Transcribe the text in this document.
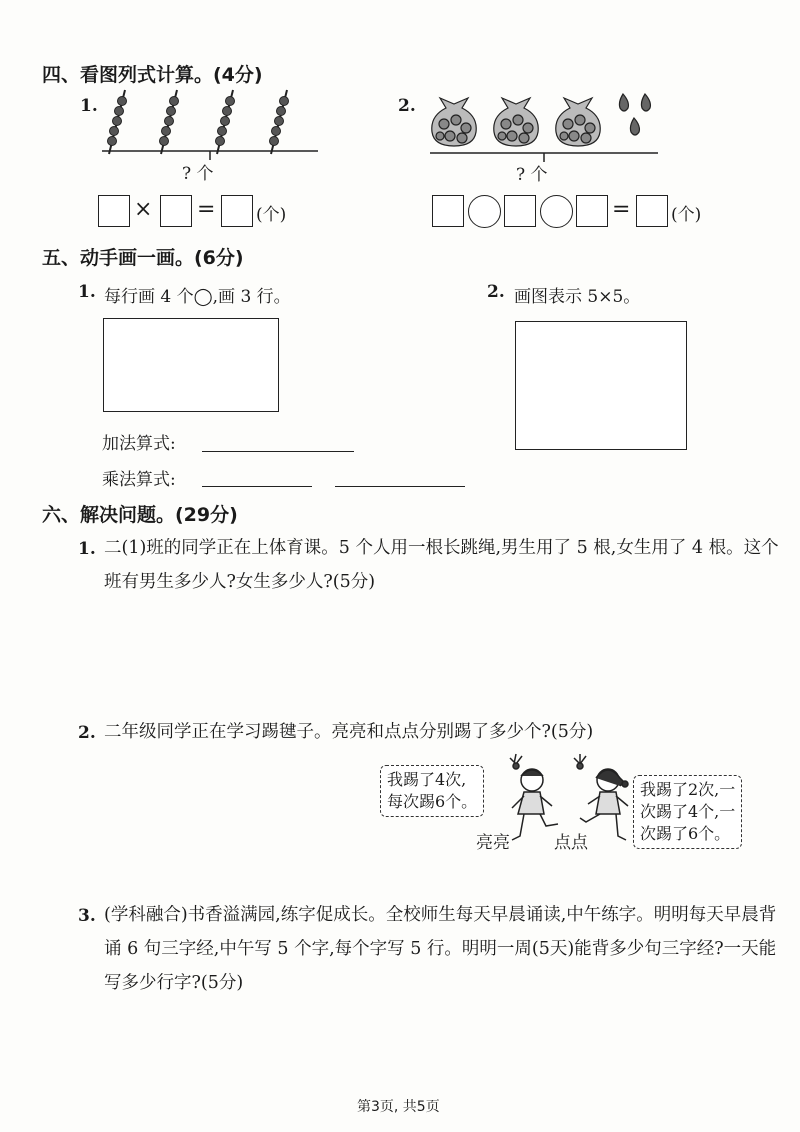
四、看图列式计算。(4分)
1.
? 个
× = (个)
2.
? 个
= (个)
五、动手画一画。(6分)
1. 每行画 4 个◯,画 3 行。
加法算式:
乘法算式:
2. 画图表示 5×5。
六、解决问题。(29分)
1. 二(1)班的同学正在上体育课。5 个人用一根长跳绳,男生用了 5 根,女生用了 4 根。这个班有男生多少人?女生多少人?(5分)
2. 二年级同学正在学习踢毽子。亮亮和点点分别踢了多少个?(5分)
我踢了4次,
每次踢6个。
我踢了2次,一
次踢了4个,一
次踢了6个。
亮亮	点点
3. (学科融合)书香溢满园,练字促成长。全校师生每天早晨诵读,中午练字。明明每天早晨背诵 6 句三字经,中午写 5 个字,每个字写 5 行。明明一周(5天)能背多少句三字经?一天能写多少行字?(5分)
第3页, 共5页
